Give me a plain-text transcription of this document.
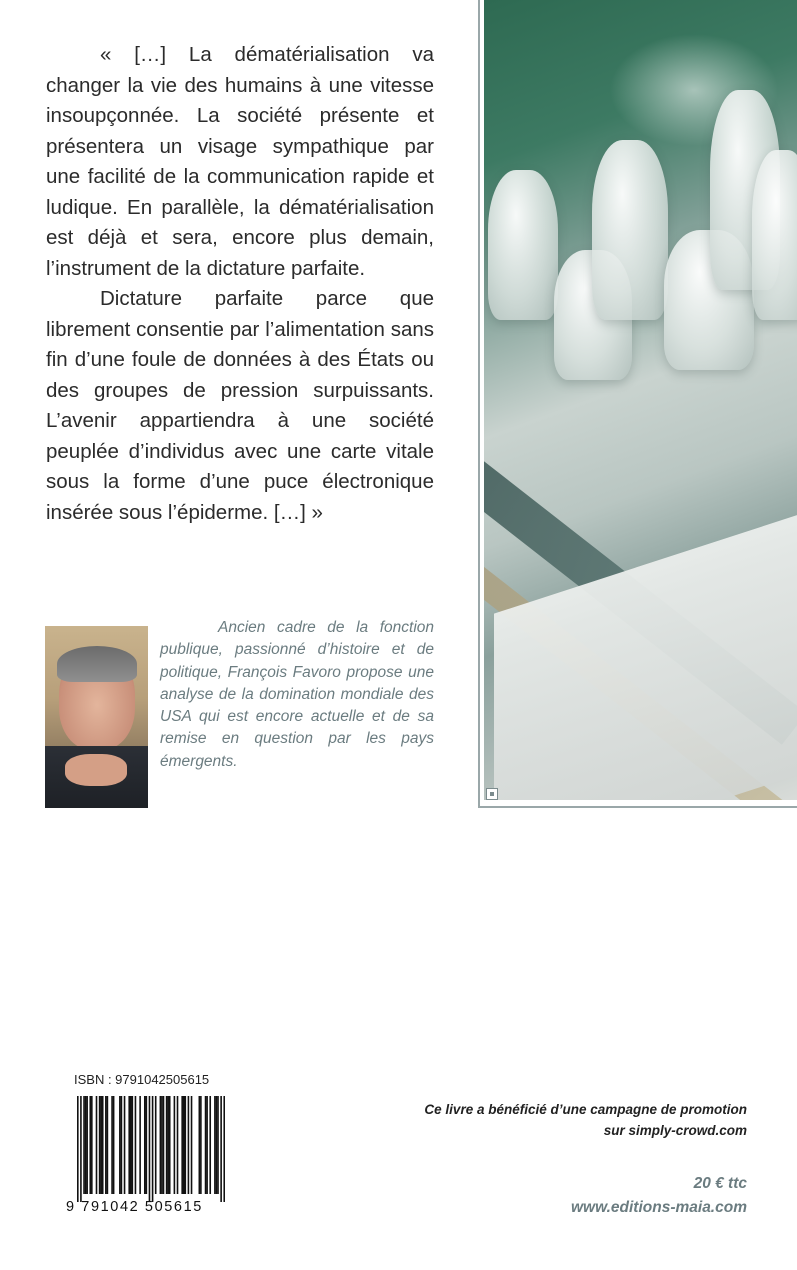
« […] La dématérialisation va changer la vie des humains à une vitesse insoupçonnée. La société présente et présentera un visage sympathique par une facilité de la communication rapide et ludique. En parallèle, la dématérialisation est déjà et sera, encore plus demain, l’instrument de la dictature parfaite.

Dictature parfaite parce que librement consentie par l’alimentation sans fin d’une foule de données à des États ou des groupes de pression surpuissants. L’avenir appartiendra à une société peuplée d’individus avec une carte vitale sous la forme d’une puce électronique insérée sous l’épiderme. […] »

Ancien cadre de la fonction publique, passionné d’histoire et de politique, François Favoro propose une analyse de la domination mondiale des USA qui est encore actuelle et de sa remise en question par les pays émergents.

ISBN : 9791042505615
9 791042 505615
Ce livre a bénéficié d’une campagne de promotion
sur simply-crowd.com
20 € ttc
www.editions-maia.com
